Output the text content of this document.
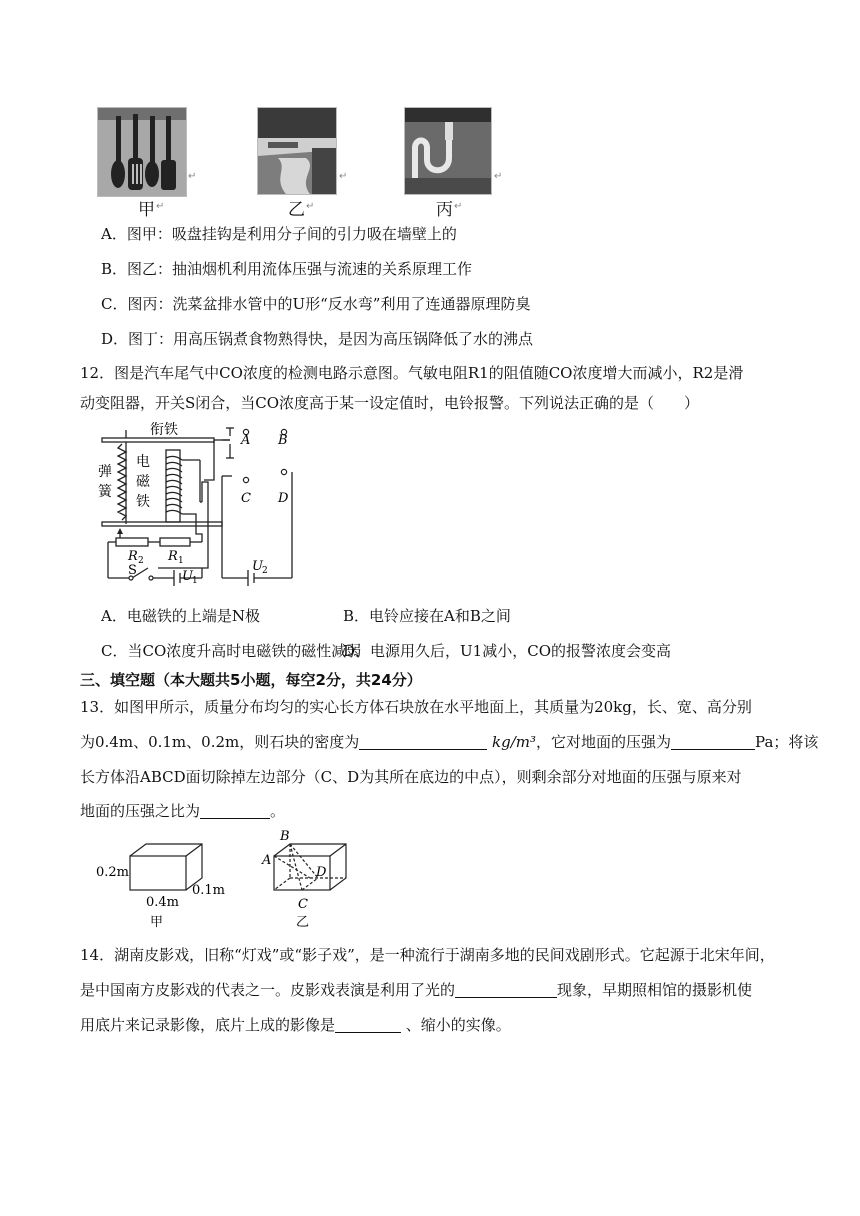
↵
甲 ↵
↵
乙 ↵
↵
丙 ↵
A．图甲：吸盘挂钩是利用分子间的引力吸在墙壁上的
B．图乙：抽油烟机利用流体压强与流速的关系原理工作
C．图丙：洗菜盆排水管中的U形“反水弯”利用了连通器原理防臭
D．图丁：用高压锅煮食物熟得快，是因为高压锅降低了水的沸点
12．图是汽车尾气中CO浓度的检测电路示意图。气敏电阻R1的阻值随CO浓度增大而减小，R2是滑
动变阻器，开关S闭合，当CO浓度高于某一设定值时，电铃报警。下列说法正确的是（　　）
衔铁
A B
C D
弹
簧
电
磁
铁
R 2 R 1
S	U 1
U 2
A．电磁铁的上端是N极	B．电铃应接在A和B之间
C．当CO浓度升高时电磁铁的磁性减弱
D．电源用久后，U1减小，CO的报警浓度会变高
三、填空题（本大题共5小题，每空2分，共24分）
13．如图甲所示，质量分布均匀的实心长方体石块放在水平地面上，其质量为20kg，长、宽、高分别
为0.4m、0.1m、0.2m，则石块的密度为	kg/m³，它对地面的压强为	Pa；将该
长方体沿ABCD面切除掉左边部分（C、D为其所在底边的中点），则剩余部分对地面的压强与原来对
地面的压强之比为	。
0.2m
0.4m
0.1m
甲	乙
A
B
C
D
14．湖南皮影戏，旧称“灯戏”或“影子戏”，是一种流行于湖南多地的民间戏剧形式。它起源于北宋年间，
是中国南方皮影戏的代表之一。皮影戏表演是利用了光的	现象，早期照相馆的摄影机使
用底片来记录影像，底片上成的影像是	、缩小的实像。
